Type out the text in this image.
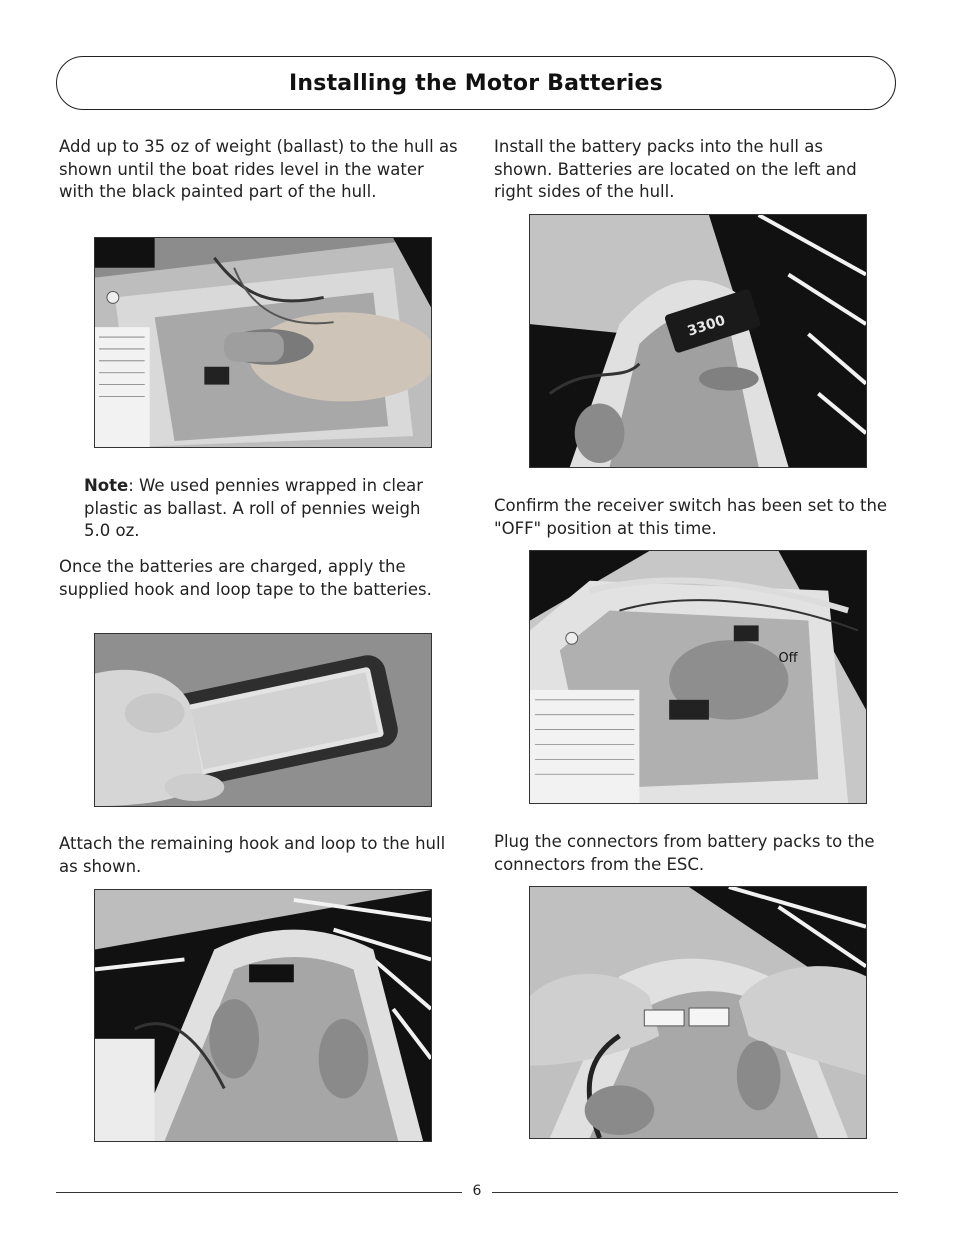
Installing the Motor Batteries

Add up to 35 oz of weight (ballast) to the hull as shown until the boat rides level in the water with the black painted part of the hull.

Note: We used pennies wrapped in clear plastic as ballast. A roll of pennies weigh 5.0 oz.

Once the batteries are charged, apply the supplied hook and loop tape to the batteries.

Attach the remaining hook and loop to the hull as shown.

Install the battery packs into the hull as shown. Batteries are located on the left and right sides of the hull.

3300

Confirm the receiver switch has been set to the "OFF" position at this time.

Off

Plug the connectors from battery packs to the connectors from the ESC.

6
